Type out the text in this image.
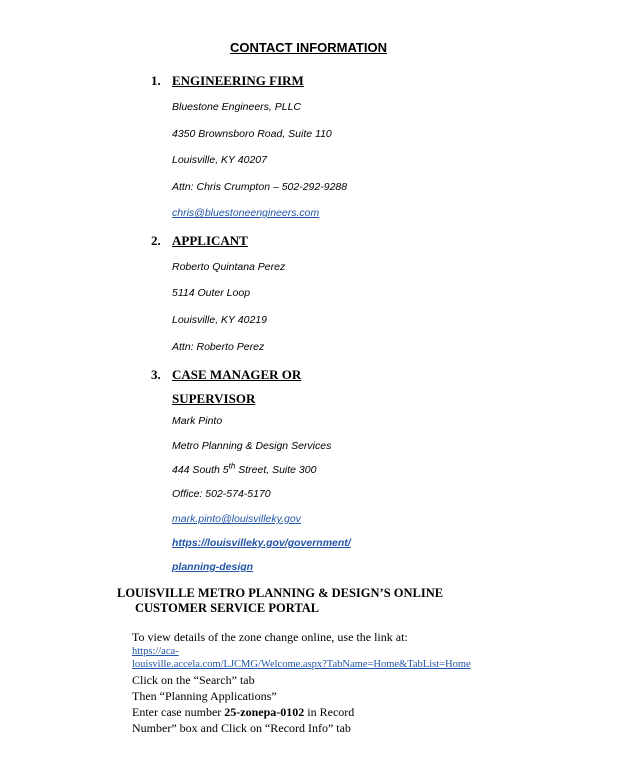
CONTACT INFORMATION
1. ENGINEERING FIRM
Bluestone Engineers, PLLC
4350 Brownsboro Road, Suite 110
Louisville, KY 40207
Attn: Chris Crumpton – 502-292-9288
chris@bluestoneengineers.com
2. APPLICANT
Roberto Quintana Perez
5114 Outer Loop
Louisville, KY 40219
Attn: Roberto Perez
3. CASE MANAGER OR
SUPERVISOR
Mark Pinto
Metro Planning & Design Services
444 South 5th Street, Suite 300
Office: 502-574-5170
mark.pinto@louisvilleky.gov
https://louisvilleky.gov/government/
planning-design
LOUISVILLE METRO PLANNING & DESIGN’S ONLINE
CUSTOMER SERVICE PORTAL
To view details of the zone change online, use the link at:
https://aca-
louisville.accela.com/LJCMG/Welcome.aspx?TabName=Home&TabList=Home
Click on the “Search” tab
Then “Planning Applications”
Enter case number 25-zonepa-0102 in Record
Number” box and Click on “Record Info” tab
